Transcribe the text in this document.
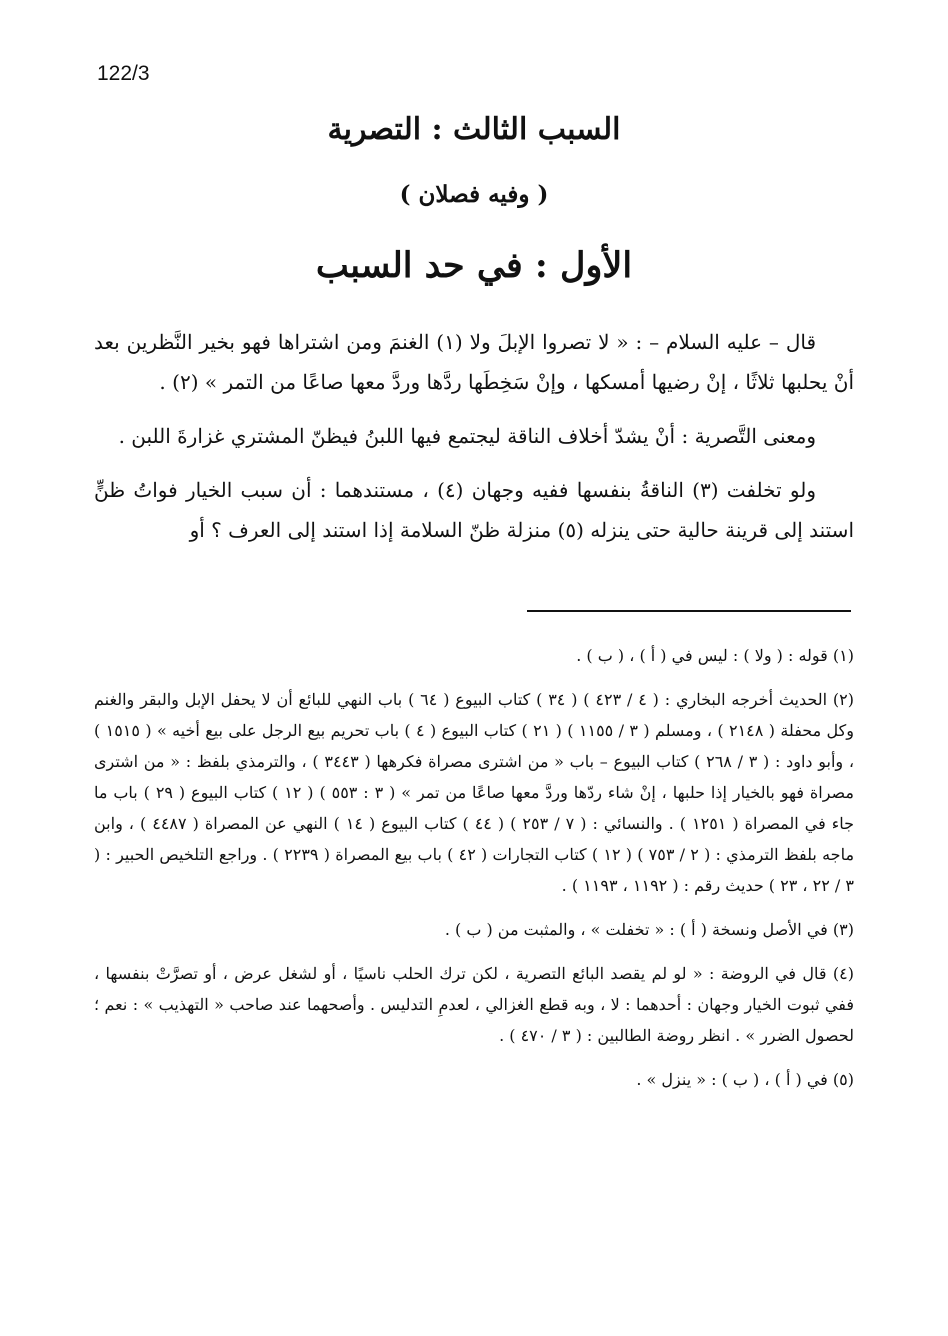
122/3
السبب الثالث : التصرية
( وفيه فصلان )
الأول : في حد السبب

قال – عليه السلام – : « لا تصروا الإبلَ ولا (١) الغنمَ ومن اشتراها فهو بخير النَّظرين بعد أنْ يحلبها ثلاثًا ، إنْ رضيها أمسكها ، وإنْ سَخِطَها ردَّها وردَّ معها صاعًا من التمر » (٢) .

ومعنى التَّصرية : أنْ يشدّ أخلاف الناقة ليجتمع فيها اللبنُ فيظنّ المشتري غزارةَ اللبن .

ولو تخلفت (٣) الناقةُ بنفسها ففيه وجهان (٤) ، مستندهما : أن سبب الخيار فواتُ ظنٍّ استند إلى قرينة حالية حتى ينزله (٥) منزلة ظنّ السلامة إذا استند إلى العرف ؟ أو

(١) قوله : ( ولا ) : ليس في ( أ ) ، ( ب ) .
(٢) الحديث أخرجه البخاري : ( ٤ / ٤٢٣ ) ( ٣٤ ) كتاب البيوع ( ٦٤ ) باب النهي للبائع أن لا يحفل الإبل والبقر والغنم وكل محفلة ( ٢١٤٨ ) ، ومسلم ( ٣ / ١١٥٥ ) ( ٢١ ) كتاب البيوع ( ٤ ) باب تحريم بيع الرجل على بيع أخيه » ( ١٥١٥ ) ، وأبو داود : ( ٣ / ٢٦٨ ) كتاب البيوع – باب « من اشترى مصراة فكرهها ( ٣٤٤٣ ) ، والترمذي بلفظ : « من اشترى مصراة فهو بالخيار إذا حلبها ، إنْ شاء ردّها وردَّ معها صاعًا من تمر » ( ٣ : ٥٥٣ ) ( ١٢ ) كتاب البيوع ( ٢٩ ) باب ما جاء في المصراة ( ١٢٥١ ) . والنسائي : ( ٧ / ٢٥٣ ) ( ٤٤ ) كتاب البيوع ( ١٤ ) النهي عن المصراة ( ٤٤٨٧ ) ، وابن ماجه بلفظ الترمذي : ( ٢ / ٧٥٣ ) ( ١٢ ) كتاب التجارات ( ٤٢ ) باب بيع المصراة ( ٢٢٣٩ ) . وراجع التلخيص الحبير : ( ٣ / ٢٢ ، ٢٣ ) حديث رقم : ( ١١٩٢ ، ١١٩٣ ) .
(٣) في الأصل ونسخة ( أ ) : « تخفلت » ، والمثبت من ( ب ) .
(٤) قال في الروضة : « لو لم يقصد البائع التصرية ، لكن ترك الحلب ناسيًا ، أو لشغل عرض ، أو تصرَّتْ بنفسها ، ففي ثبوت الخيار وجهان : أحدهما : لا ، وبه قطع الغزالي ، لعدمِ التدليس . وأصحهما عند صاحب « التهذيب » : نعم ؛ لحصول الضرر » . انظر روضة الطالبين : ( ٣ / ٤٧٠ ) .
(٥) في ( أ ) ، ( ب ) : « ينزل » .
